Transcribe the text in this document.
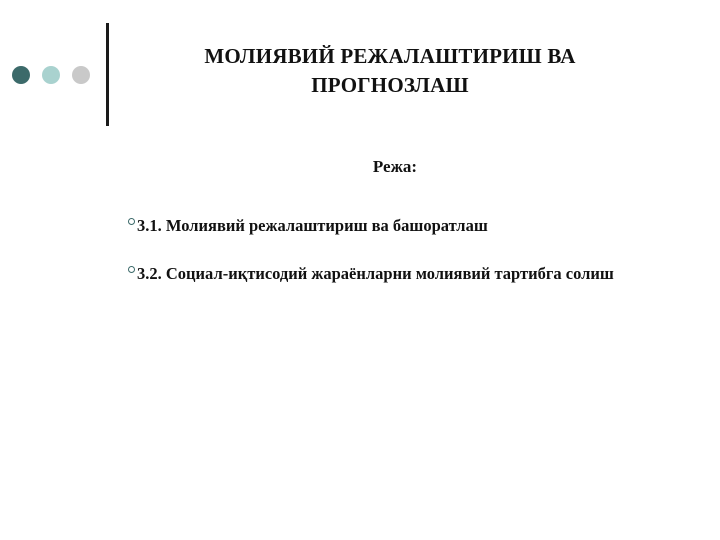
МОЛИЯВИЙ РЕЖАЛАШТИРИШ ВА
ПРОГНОЗЛАШ
Режа:
3.1. Молиявий режалаштириш ва башоратлаш
3.2. Социал-иқтисодий жараёнларни молиявий тартибга солиш
